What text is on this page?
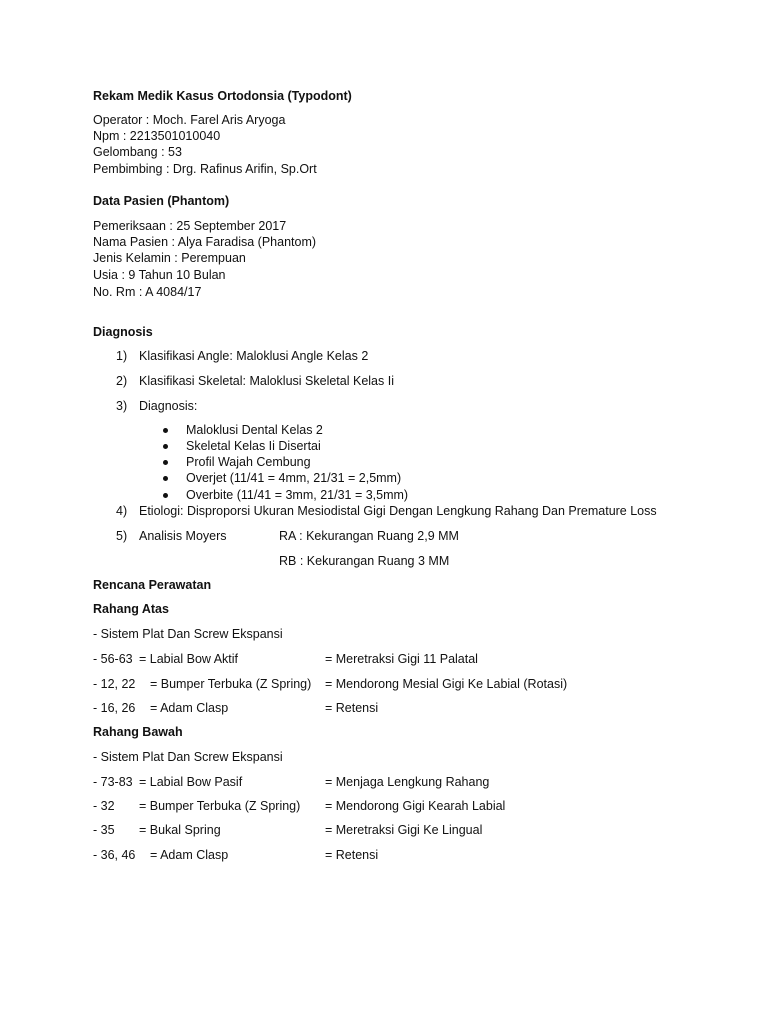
Rekam Medik Kasus Ortodonsia (Typodont)
Operator : Moch. Farel Aris Aryoga
Npm : 2213501010040
Gelombang : 53
Pembimbing : Drg. Rafinus Arifin, Sp.Ort
Data Pasien (Phantom)
Pemeriksaan : 25 September 2017
Nama Pasien : Alya Faradisa (Phantom)
Jenis Kelamin : Perempuan
Usia : 9 Tahun 10 Bulan
No. Rm : A 4084/17
Diagnosis
1) Klasifikasi Angle: Maloklusi Angle Kelas 2
2) Klasifikasi Skeletal: Maloklusi Skeletal Kelas Ii
3) Diagnosis:
Maloklusi Dental Kelas 2
Skeletal Kelas Ii Disertai
Profil Wajah Cembung
Overjet (11/41 = 4mm, 21/31 = 2,5mm)
Overbite (11/41 = 3mm, 21/31 = 3,5mm)
4) Etiologi: Disproporsi Ukuran Mesiodistal Gigi Dengan Lengkung Rahang Dan Premature Loss
5) Analisis Moyers	RA : Kekurangan Ruang 2,9 MM
RB : Kekurangan Ruang 3 MM
Rencana Perawatan
Rahang Atas
- Sistem Plat Dan Screw Ekspansi
- 56-63 = Labial Bow Aktif	= Meretraksi Gigi 11 Palatal
- 12, 22 = Bumper Terbuka (Z Spring) = Mendorong Mesial Gigi Ke Labial (Rotasi)
- 16, 26 = Adam Clasp	= Retensi
Rahang Bawah
- Sistem Plat Dan Screw Ekspansi
- 73-83 = Labial Bow Pasif	= Menjaga Lengkung Rahang
- 32 = Bumper Terbuka (Z Spring) = Mendorong Gigi Kearah Labial
- 35 = Bukal Spring	= Meretraksi Gigi Ke Lingual
- 36, 46 = Adam Clasp	= Retensi
